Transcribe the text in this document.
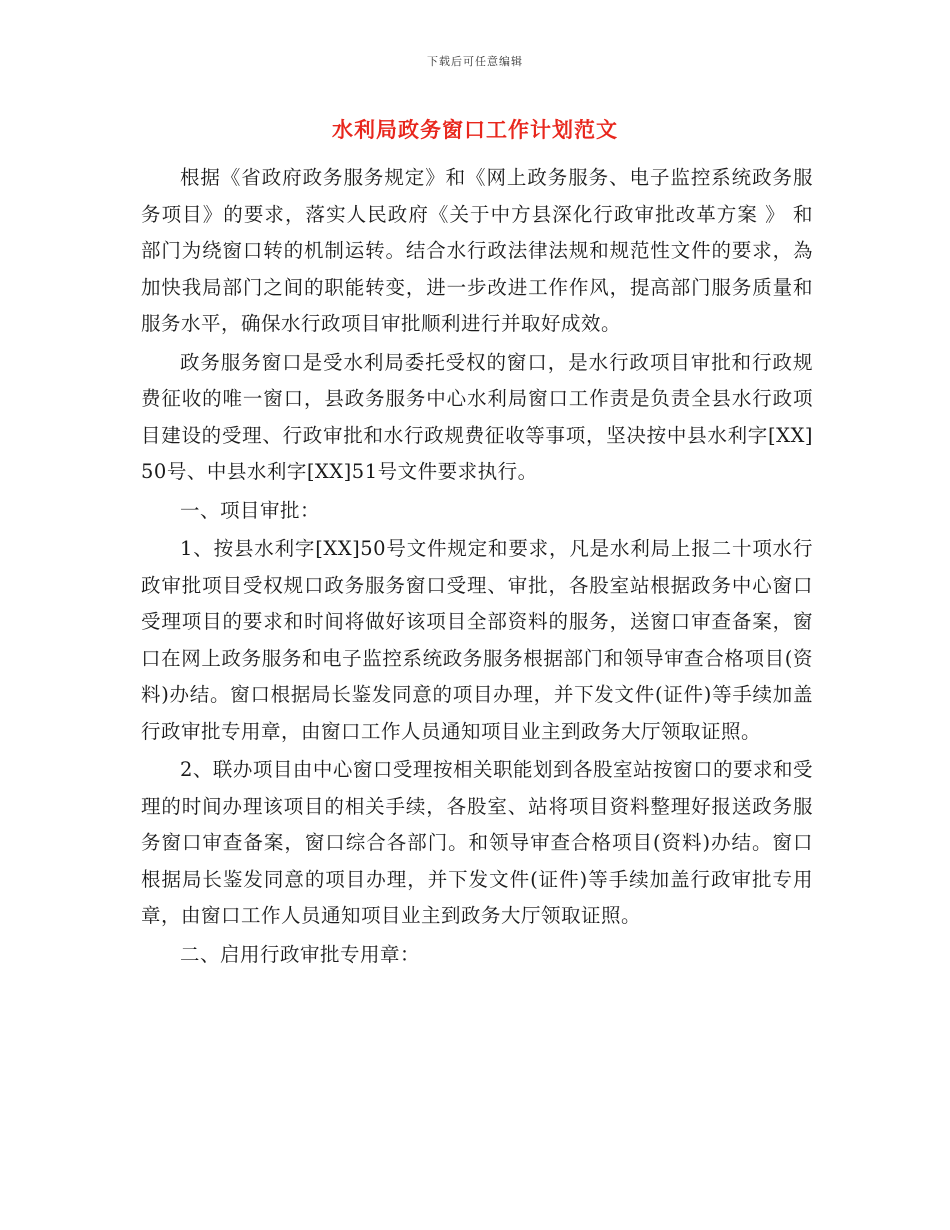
下载后可任意编辑
水利局政务窗口工作计划范文

根据《省政府政务服务规定》和《网上政务服务、电子监控系统政务服务项目》的要求，落实人民政府《关于中方县深化行政审批改革方案 》 和部门为绕窗口转的机制运转。结合水行政法律法规和规范性文件的要求，為加快我局部门之间的职能转变，进一步改进工作作风，提高部门服务质量和服务水平，确保水行政项目审批顺利进行并取好成效。

政务服务窗口是受水利局委托受权的窗口，是水行政项目审批和行政规费征收的唯一窗口，县政务服务中心水利局窗口工作责是负责全县水行政项目建设的受理、行政审批和水行政规费征收等事项，坚决按中县水利字[XX]50号、中县水利字[XX]51号文件要求执行。

一、项目审批：

1、按县水利字[XX]50号文件规定和要求，凡是水利局上报二十项水行政审批项目受权规口政务服务窗口受理、审批，各股室站根据政务中心窗口受理项目的要求和时间将做好该项目全部资料的服务，送窗口审查备案，窗口在网上政务服务和电子监控系统政务服务根据部门和领导审查合格项目(资料)办结。窗口根据局长鉴发同意的项目办理，并下发文件(证件)等手续加盖行政审批专用章，由窗口工作人员通知项目业主到政务大厅领取证照。

2、联办项目由中心窗口受理按相关职能划到各股室站按窗口的要求和受理的时间办理该项目的相关手续，各股室、站将项目资料整理好报送政务服务窗口审查备案，窗口综合各部门。和领导审查合格项目(资料)办结。窗口根据局长鉴发同意的项目办理，并下发文件(证件)等手续加盖行政审批专用章，由窗口工作人员通知项目业主到政务大厅领取证照。

二、启用行政审批专用章：
